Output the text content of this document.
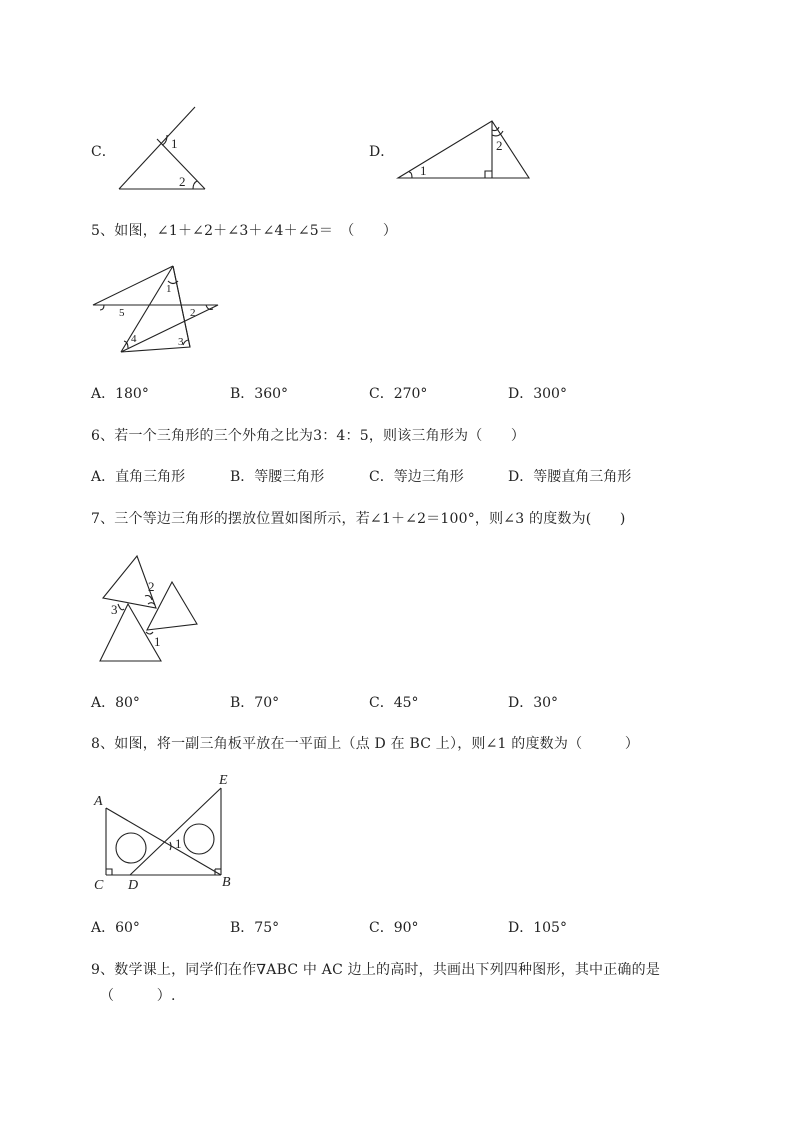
C．
1
2
D．
1
2
5、如图，∠1＋∠2＋∠3＋∠4＋∠5＝　（　　）
1
2
3
4
5
A．180°	B．360°	C．270°	D．300°
6、若一个三角形的三个外角之比为3：4：5，则该三角形为（　　）
A．直角三角形	B．等腰三角形	C．等边三角形	D．等腰直角三角形
7、三个等边三角形的摆放位置如图所示，若∠1＋∠2＝100°，则∠3 的度数为(　　)
2
3
1
A．80°	B．70°	C．45°	D．30°
8、如图，将一副三角板平放在一平面上（点 D 在 BC 上），则∠1 的度数为（　　　）
A
E
C D	B
1
A．60°	B．75°	C．90°	D．105°
9、数学课上，同学们在作∇ABC 中 AC 边上的高时，共画出下列四种图形，其中正确的是
（　　　）.
